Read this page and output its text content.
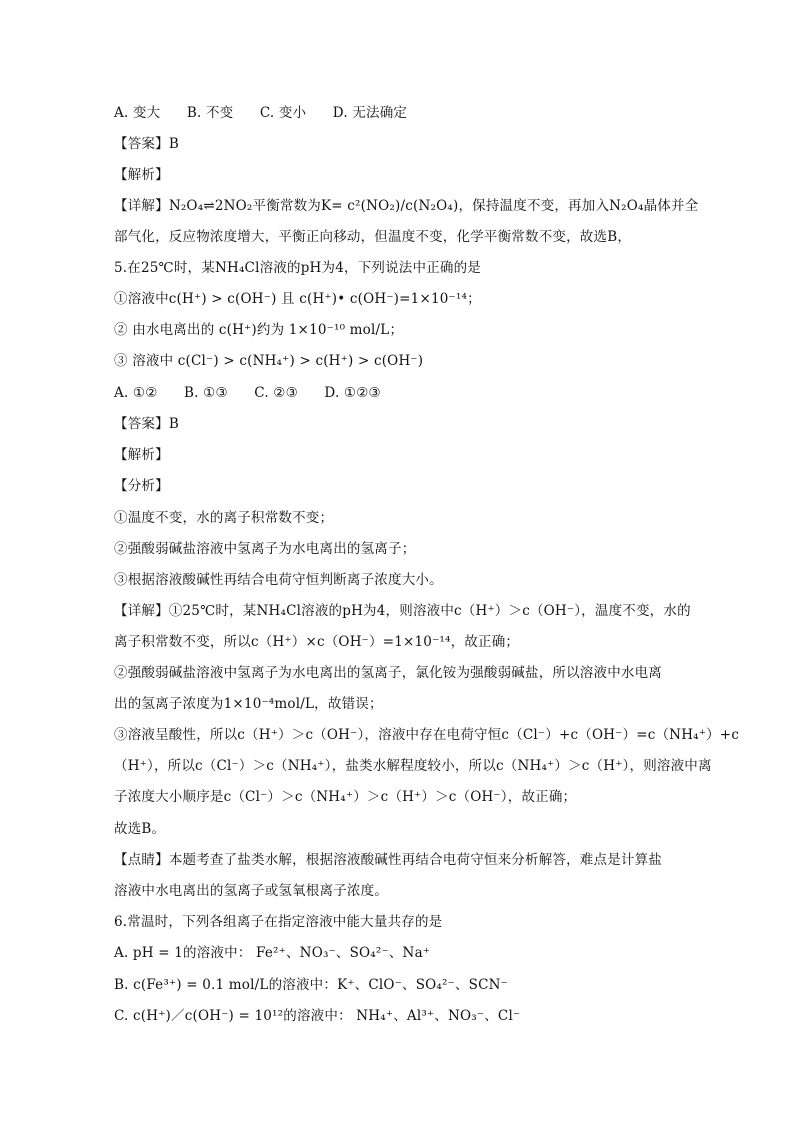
A. 变大 B. 不变 C. 变小 D. 无法确定
【答案】B
【解析】
【详解】N₂O₄⇌2NO₂平衡常数为K= c²(NO₂)/c(N₂O₄)，保持温度不变，再加入N₂O₄晶体并全
部气化，反应物浓度增大，平衡正向移动，但温度不变，化学平衡常数不变，故选B，
5.在25℃时，某NH₄Cl溶液的pH为4，下列说法中正确的是
①溶液中c(H⁺) > c(OH⁻) 且 c(H⁺)• c(OH⁻)=1×10⁻¹⁴；
② 由水电离出的 c(H⁺)约为 1×10⁻¹⁰ mol/L；
③ 溶液中 c(Cl⁻) > c(NH₄⁺) > c(H⁺) > c(OH⁻)
A. ①② B. ①③ C. ②③ D. ①②③
【答案】B
【解析】
【分析】
①温度不变，水的离子积常数不变；
②强酸弱碱盐溶液中氢离子为水电离出的氢离子；
③根据溶液酸碱性再结合电荷守恒判断离子浓度大小。
【详解】①25℃时，某NH₄Cl溶液的pH为4，则溶液中c（H⁺）＞c（OH⁻），温度不变，水的
离子积常数不变，所以c（H⁺）×c（OH⁻）=1×10⁻¹⁴，故正确；
②强酸弱碱盐溶液中氢离子为水电离出的氢离子，氯化铵为强酸弱碱盐，所以溶液中水电离
出的氢离子浓度为1×10⁻⁴mol/L，故错误；
③溶液呈酸性，所以c（H⁺）＞c（OH⁻），溶液中存在电荷守恒c（Cl⁻）+c（OH⁻）=c（NH₄⁺）+c
（H⁺），所以c（Cl⁻）＞c（NH₄⁺），盐类水解程度较小，所以c（NH₄⁺）＞c（H⁺），则溶液中离
子浓度大小顺序是c（Cl⁻）＞c（NH₄⁺）＞c（H⁺）＞c（OH⁻），故正确；
故选B。
【点睛】本题考查了盐类水解，根据溶液酸碱性再结合电荷守恒来分析解答，难点是计算盐
溶液中水电离出的氢离子或氢氧根离子浓度。
6.常温时，下列各组离子在指定溶液中能大量共存的是
A. pH = 1的溶液中： Fe²⁺、NO₃⁻、SO₄²⁻、Na⁺
B. c(Fe³⁺) = 0.1 mol/L的溶液中：K⁺、ClO⁻、SO₄²⁻、SCN⁻
C. c(H⁺)／c(OH⁻) = 10¹²的溶液中： NH₄⁺、Al³⁺、NO₃⁻、Cl⁻
